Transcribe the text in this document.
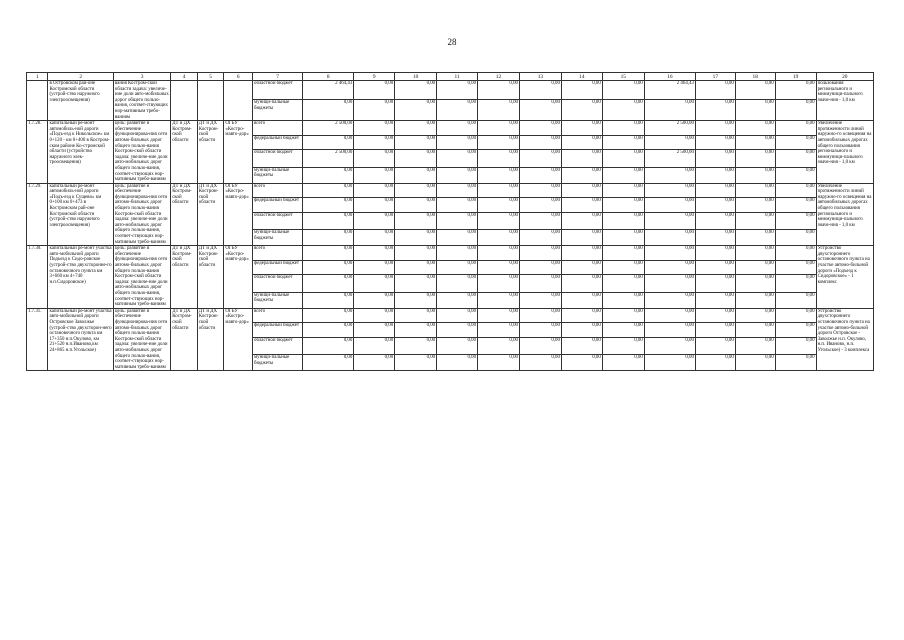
28
1	2	3	4	5	6	7	8	9	10	11	12	13	14	15	16	17	18	19	20
	в Островском рай-оне Костромской области (устрой-ство наружного электроосвещения)	вания Костром-ской области задача: увеличе-ние доли авто-мобильных дорог общего пользо-вания, соответ-ствующих нор-мативным требо-ваниям				областной бюджет	2 464,43	0,00	0,00	0,00	0,00	0,00	0,00	0,00	2 464,43	0,00	0,00	0,00	пользования регионального и межмуници-пального значе-ния - 1,0 км
						муници-пальные бюджеты	0,00	0,00	0,00	0,00	0,00	0,00	0,00	0,00	0,00	0,00	0,00	0,00	
1.7.28.	капитальный ре-монт автомобиль-ной дороги «Подъ-езд к Никольское» км 0+120 - км 0+400 в Костром-ском районе Ко-стромской области (устройство наружного элек-троосвещения)	цель: развитие и обеспечение функционирова-ния сети автомо-бильных дорог общего пользо-вания Костром-ской области задача: увеличе-ние доли авто-мобильных дорог общего пользо-вания, соответ-ствующих нор-мативным требо-ваниям	ДТ и ДХ Костром-ской области	ДТ и ДХ Костром-ской области	ОГБУ «Костро-мавто-дор»	всего	2 500,00	0,00	0,00	0,00	0,00	0,00	0,00	0,00	2 500,00	0,00	0,00	0,00	Увеличение протяженности линий наружно-го освещения на автомобильных дорогах общего пользования регионального и межмуници-пального значе-ния - 1,0 км
						федеральный бюджет	0,00	0,00	0,00	0,00	0,00	0,00	0,00	0,00	0,00	0,00	0,00	0,00	
						областной бюджет	2 500,00	0,00	0,00	0,00	0,00	0,00	0,00	0,00	2 500,00	0,00	0,00	0,00	
						муници-пальные бюджеты	0,00	0,00	0,00	0,00	0,00	0,00	0,00	0,00	0,00	0,00	0,00	0,00	
1.7.29.	капитальный ре-монт автомобиль-ной дороги «Подъ-езд к Сущево» км 0+100 км 0+473 в Костромском рай-оне Костромской области (устрой-ство наружного электроосвещения)	цель: развитие и обеспечение функционирова-ния сети автомо-бильных дорог общего пользо-вания Костром-ской области задача: увеличе-ние доли авто-мобильных дорог общего пользо-вания, соответ-ствующих нор-мативным требо-ваниям	ДТ и ДХ Костром-ской области	ДТ и ДХ Костром-ской области	ОГБУ «Костро-мавто-дор»	всего	0,00	0,00	0,00	0,00	0,00	0,00	0,00	0,00	0,00	0,00	0,00	0,00	Увеличение протяженности линий наружно-го освещения на автомобильных дорогах общего пользования регионального и межмуници-пального значе-ния - 1,0 км
						федеральный бюджет	0,00	0,00	0,00	0,00	0,00	0,00	0,00	0,00	0,00	0,00	0,00	0,00	
						областной бюджет	0,00	0,00	0,00	0,00	0,00	0,00	0,00	0,00	0,00	0,00	0,00	0,00	
						муници-пальные бюджеты	0,00	0,00	0,00	0,00	0,00	0,00	0,00	0,00	0,00	0,00	0,00	0,00	
1.7.30.	капитальный ре-монт участка авто-мобильной дороги Подъезд к Сидо-ровское (устрой-ство двухсторонне-го остановочного пункта км 3+660 км 4+740 н.п.Сидоровское)	цель: развитие и обеспечение функционирова-ния сети автомо-бильных дорог общего пользо-вания Костром-ской области задача: увеличе-ние доли авто-мобильных дорог общего пользо-вания, соответ-ствующих нор-мативным требо-ваниям	ДТ и ДХ Костром-ской области	ДТ и ДХ Костром-ской области	ОГБУ «Костро-мавто-дор»	всего	0,00	0,00	0,00	0,00	0,00	0,00	0,00	0,00	0,00	0,00	0,00	0,00	Устройство двухстороннего остановочного пункта на участке автомо-бильной дороги «Подъезд к Сидоровское» - 1 комплекс
						федеральный бюджет	0,00	0,00	0,00	0,00	0,00	0,00	0,00	0,00	0,00	0,00	0,00	0,00	
						областной бюджет	0,00	0,00	0,00	0,00	0,00	0,00	0,00	0,00	0,00	0,00	0,00	0,00	
						муници-пальные бюджеты	0,00	0,00	0,00	0,00	0,00	0,00	0,00	0,00	0,00	0,00	0,00	0,00	
1.7.31.	капитальный ре-монт участка авто-мобильной дороги Островское Заволжье (устрой-ство двухсторон-него остановочного пункта км 17+350 н.п.Окулово, км 21+520 н.п.Иваново,км 24+865 н.п.Угольское)	цель: развитие и обеспечение функционирова-ния сети автомо-бильных дорог общего пользо-вания Костром-ской области задача: увеличе-ние доли авто-мобильных дорог общего пользо-вания, соответ-ствующих нор-мативным требо-ваниям	ДТ и ДХ Костром-ской области	ДТ и ДХ Костром-ской области	ОГБУ «Костро-мавто-дор»	всего	0,00	0,00	0,00	0,00	0,00	0,00	0,00	0,00	0,00	0,00	0,00	0,00	Устройство двухстороннего остановочного пункта на участке автомо-бильной дороги Островское - Заволжье н.п. Окулово, н.п. Иваново, н.п. Угольское) - 3 комплекса
						федеральный бюджет	0,00	0,00	0,00	0,00	0,00	0,00	0,00	0,00	0,00	0,00	0,00	0,00	
						областной бюджет	0,00	0,00	0,00	0,00	0,00	0,00	0,00	0,00	0,00	0,00	0,00	0,00	
						муници-пальные бюджеты	0,00	0,00	0,00	0,00	0,00	0,00	0,00	0,00	0,00	0,00	0,00	0,00	
